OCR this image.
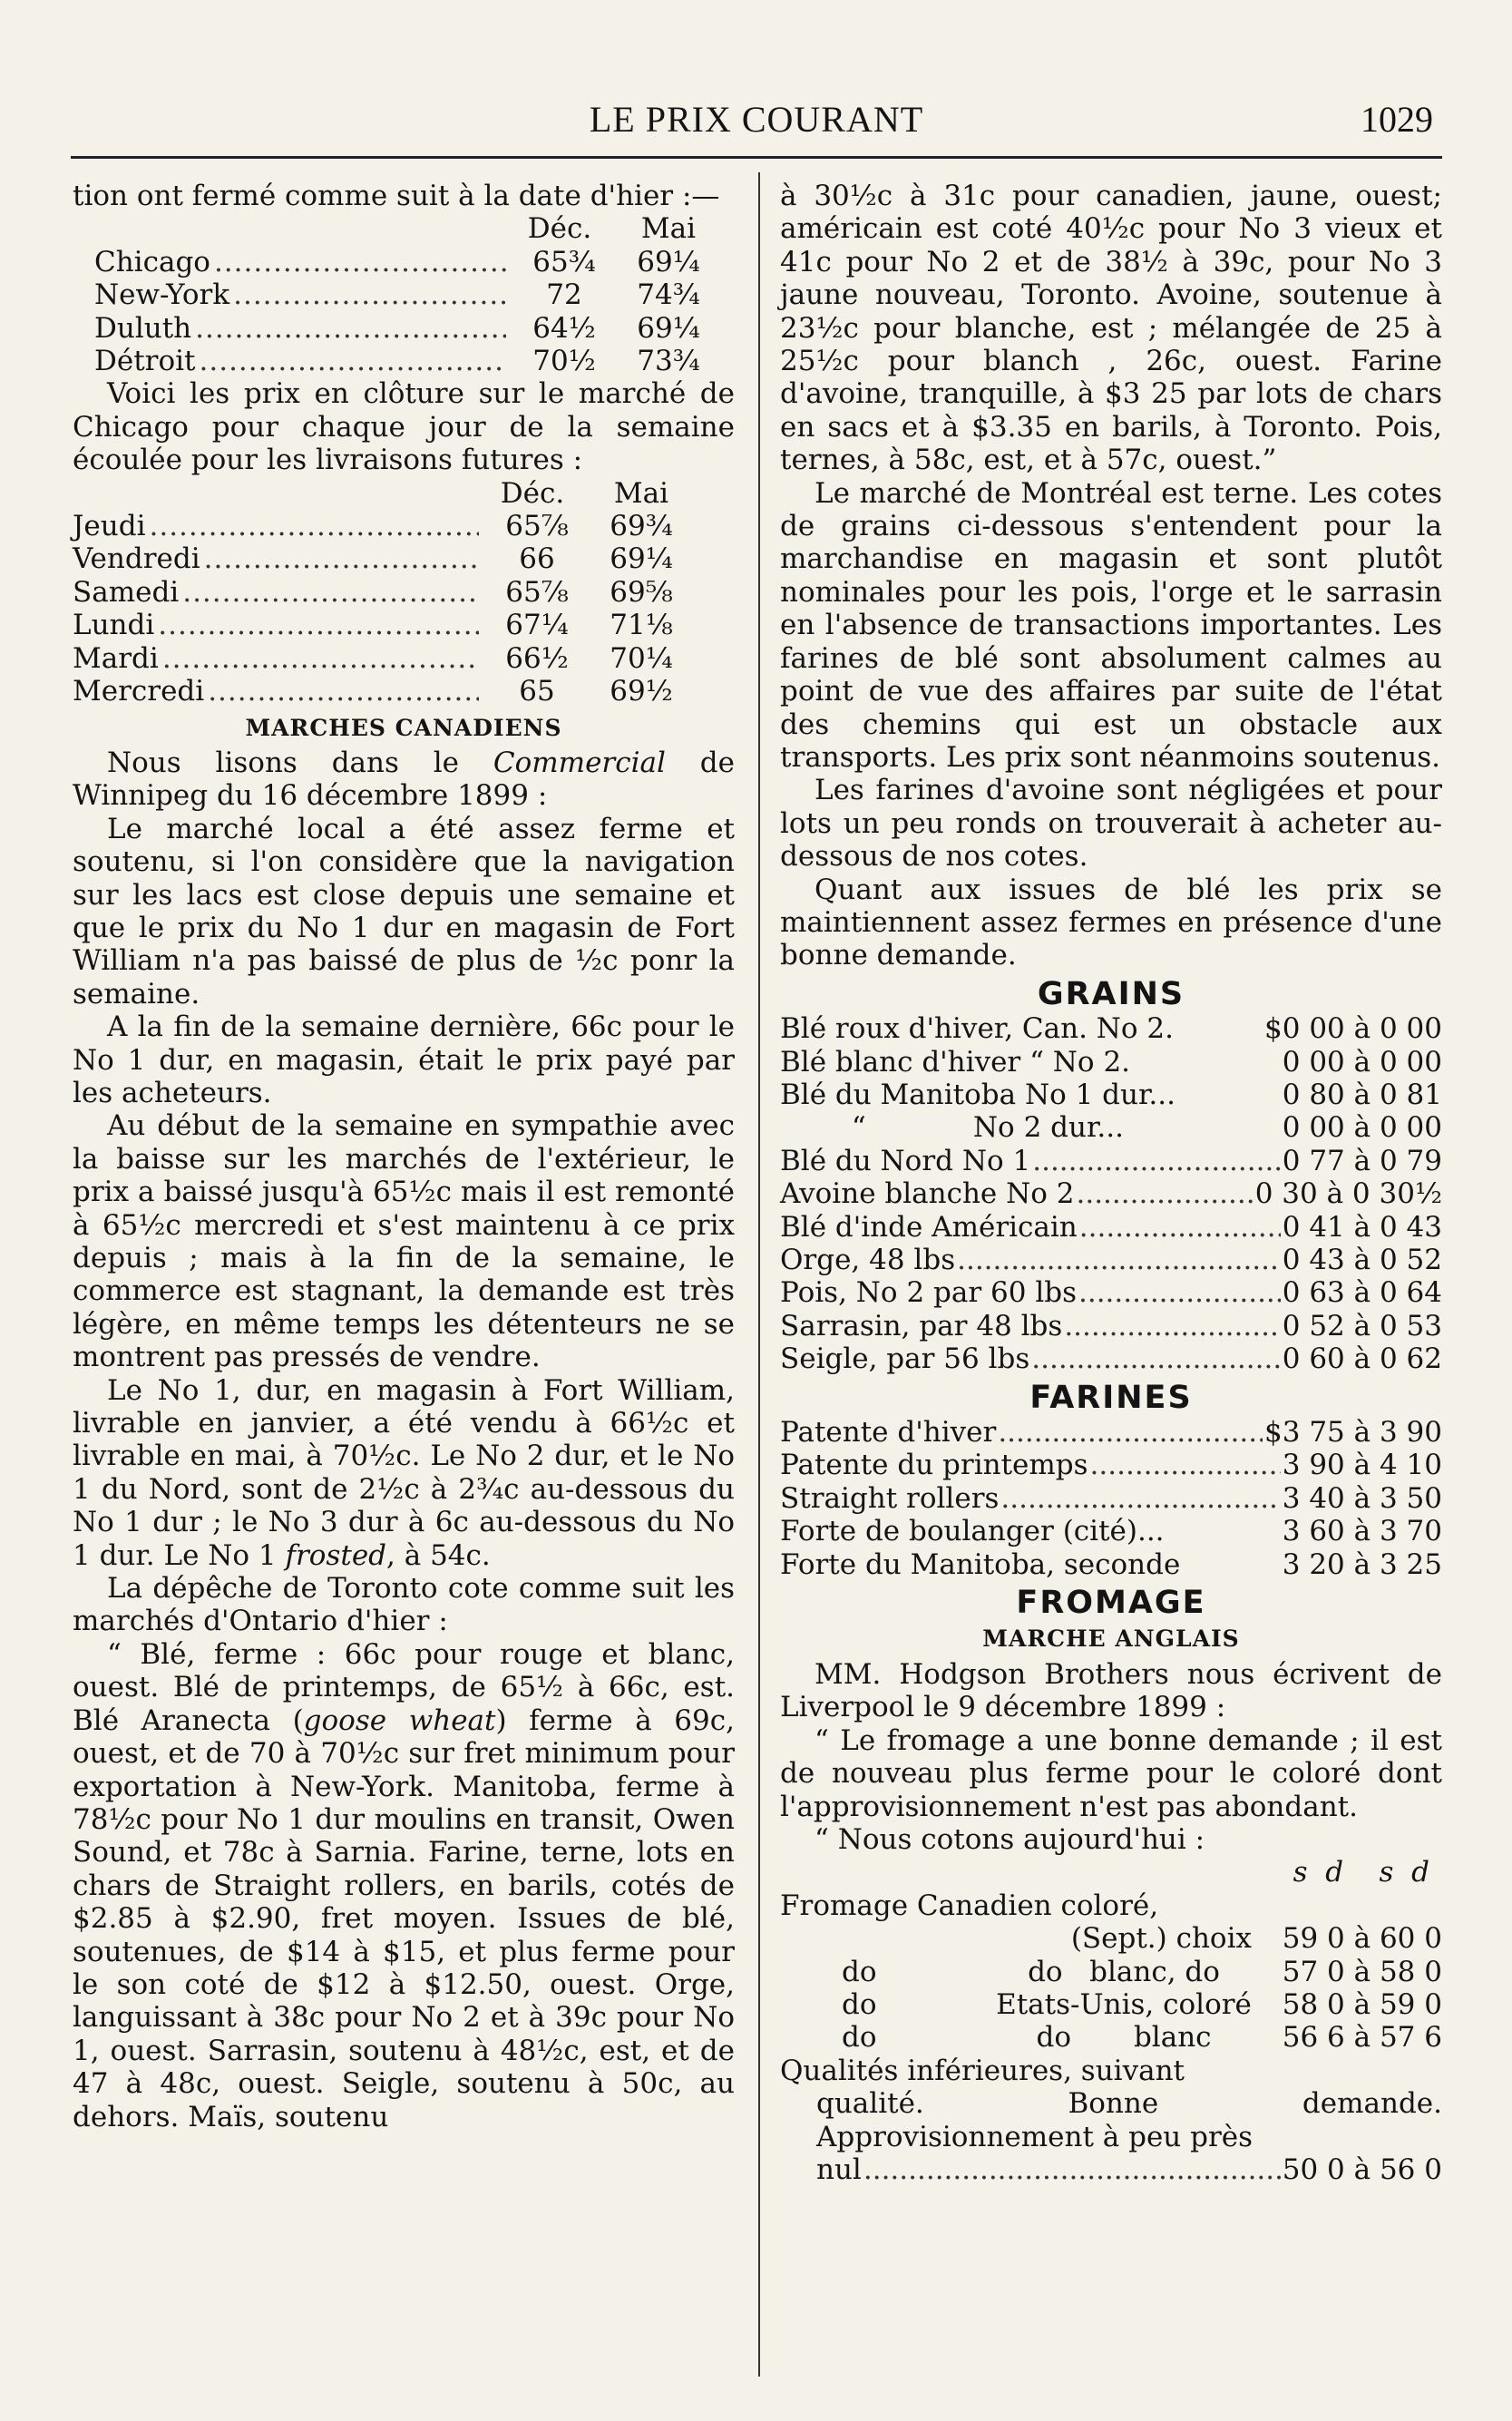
LE PRIX COURANT	1029

tion ont fermé comme suit à la date d'hier :—

Déc.	Mai
Chicago .....	65¾	69¼
New-York .....	72	74¾
Duluth .....	64½	69¼
Détroit .....	70½	73¾

Voici les prix en clôture sur le marché de Chicago pour chaque jour de la semaine écoulée pour les livraisons futures :

Déc.	Mai
Jeudi .....	65⅞	69¾
Vendredi .....	66	69¼
Samedi .....	65⅞	69⅝
Lundi .....	67¼	71⅛
Mardi .....	66½	70¼
Mercredi .....	65	69½
MARCHES CANADIENS

Nous lisons dans le Commercial de Winnipeg du 16 décembre 1899 :

Le marché local a été assez ferme et soutenu, si l'on considère que la navigation sur les lacs est close depuis une semaine et que le prix du No 1 dur en magasin de Fort William n'a pas baissé de plus de ½c ponr la semaine.

A la fin de la semaine dernière, 66c pour le No 1 dur, en magasin, était le prix payé par les acheteurs.

Au début de la semaine en sympathie avec la baisse sur les marchés de l'extérieur, le prix a baissé jusqu'à 65½c mais il est remonté à 65½c mercredi et s'est maintenu à ce prix depuis ; mais à la fin de la semaine, le commerce est stagnant, la demande est très légère, en même temps les détenteurs ne se montrent pas pressés de vendre.

Le No 1, dur, en magasin à Fort William, livrable en janvier, a été vendu à 66½c et livrable en mai, à 70½c. Le No 2 dur, et le No 1 du Nord, sont de 2½c à 2¾c au-dessous du No 1 dur ; le No 3 dur à 6c au-dessous du No 1 dur. Le No 1 frosted, à 54c.

La dépêche de Toronto cote comme suit les marchés d'Ontario d'hier :

“ Blé, ferme : 66c pour rouge et blanc, ouest. Blé de printemps, de 65½ à 66c, est. Blé Aranecta (goose wheat) ferme à 69c, ouest, et de 70 à 70½c sur fret minimum pour exportation à New-York. Manitoba, ferme à 78½c pour No 1 dur moulins en transit, Owen Sound, et 78c à Sarnia. Farine, terne, lots en chars de Straight rollers, en barils, cotés de $2.85 à $2.90, fret moyen. Issues de blé, soutenues, de $14 à $15, et plus ferme pour le son coté de $12 à $12.50, ouest. Orge, languissant à 38c pour No 2 et à 39c pour No 1, ouest. Sarrasin, soutenu à 48½c, est, et de 47 à 48c, ouest. Seigle, soutenu à 50c, au dehors. Maïs, soutenu

à 30½c à 31c pour canadien, jaune, ouest; américain est coté 40½c pour No 3 vieux et 41c pour No 2 et de 38½ à 39c, pour No 3 jaune nouveau, Toronto. Avoine, soutenue à 23½c pour blanche, est ; mélangée de 25 à 25½c pour blanch , 26c, ouest. Farine d'avoine, tranquille, à $3 25 par lots de chars en sacs et à $3.35 en barils, à Toronto. Pois, ternes, à 58c, est, et à 57c, ouest.”

Le marché de Montréal est terne. Les cotes de grains ci-dessous s'entendent pour la marchandise en magasin et sont plutôt nominales pour les pois, l'orge et le sarrasin en l'absence de transactions importantes. Les farines de blé sont absolument calmes au point de vue des affaires par suite de l'état des chemins qui est un obstacle aux transports. Les prix sont néanmoins soutenus.

Les farines d'avoine sont négligées et pour lots un peu ronds on trouverait à acheter au-dessous de nos cotes.

Quant aux issues de blé les prix se maintiennent assez fermes en présence d'une bonne demande.

GRAINS
Blé roux d'hiver, Can. No 2.	$0 00 à 0 00
Blé blanc d'hiver “ No 2.	0 00 à 0 00
Blé du Manitoba No 1 dur...	0 80 à 0 81
“            No 2 dur...	0 00 à 0 00
Blé du Nord No 1 .....	0 77 à 0 79
Avoine blanche No 2 .....	0 30 à 0 30½
Blé d'inde Américain .....	0 41 à 0 43
Orge, 48 lbs .....	0 43 à 0 52
Pois, No 2 par 60 lbs .....	0 63 à 0 64
Sarrasin, par 48 lbs .....	0 52 à 0 53
Seigle, par 56 lbs .....	0 60 à 0 62
FARINES
Patente d'hiver .....	$3 75 à 3 90
Patente du printemps .....	3 90 à 4 10
Straight rollers .....	3 40 à 3 50
Forte de boulanger (cité)...	3 60 à 3 70
Forte du Manitoba, seconde	3 20 à 3 25
FROMAGE
MARCHE ANGLAIS

MM. Hodgson Brothers nous écrivent de Liverpool le 9 décembre 1899 :

“ Le fromage a une bonne demande ; il est de nouveau plus ferme pour le coloré dont l'approvisionnement n'est pas abondant.

“ Nous cotons aujourd'hui :

s  d    s  d
Fromage Canadien coloré,
(Sept.) choix	59 0 à 60 0
do	do   blanc, do	57 0 à 58 0
do	Etats-Unis, coloré	58 0 à 59 0
do	do       blanc	56 6 à 57 6
Qualités inférieures, suivant

qualité. Bonne demande. Approvisionnement à peu près

nul .....	50 0 à 56 0
